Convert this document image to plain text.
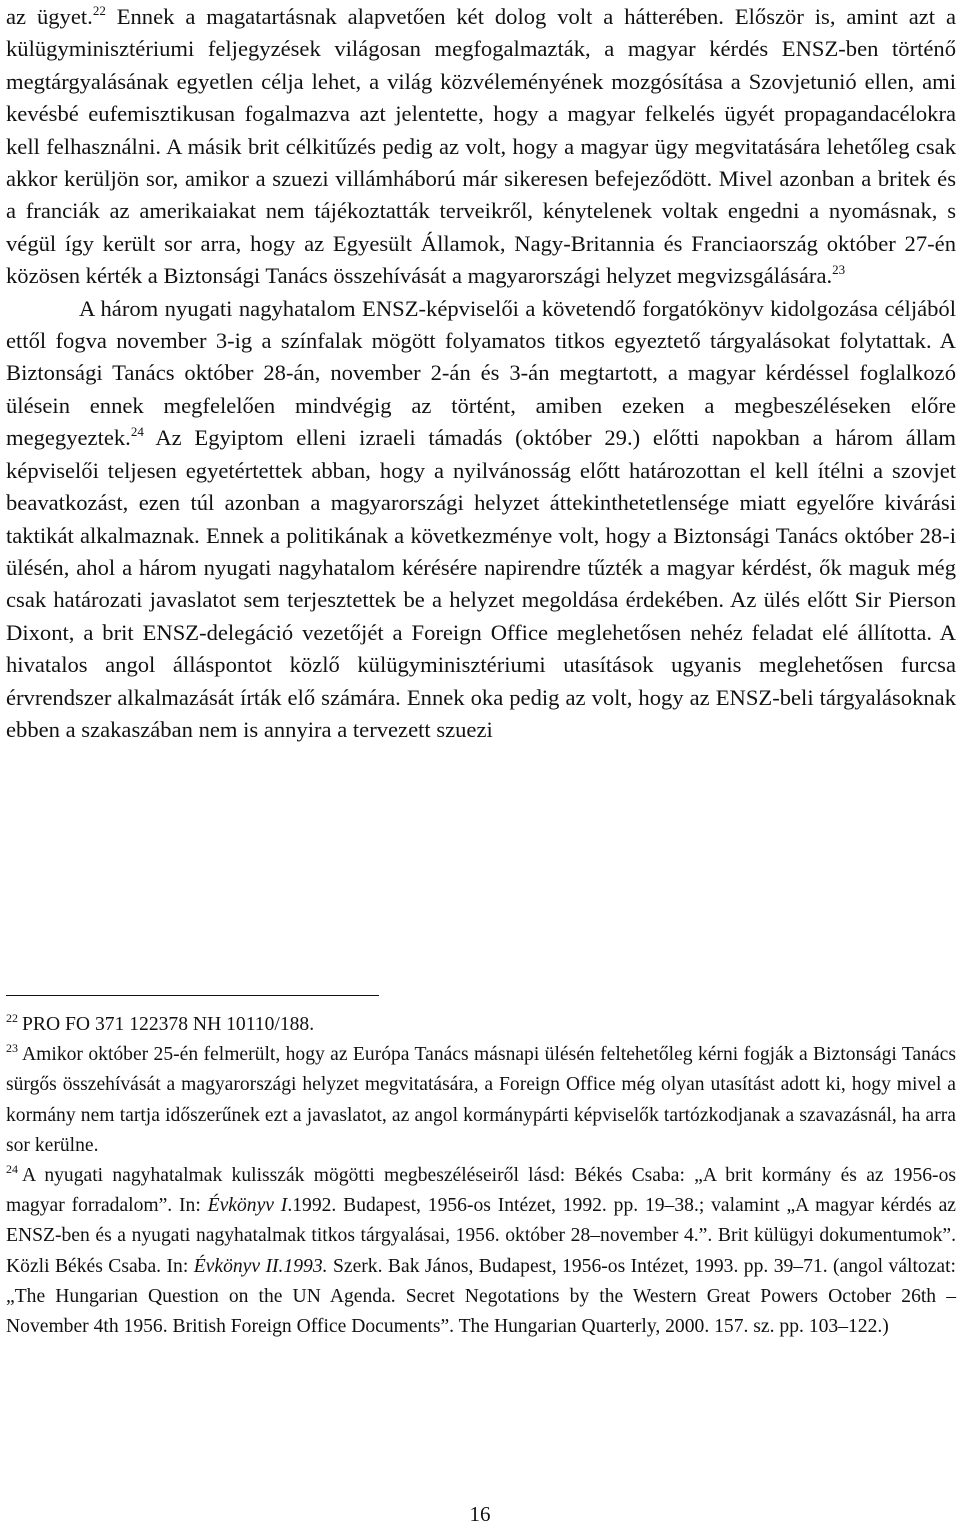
az ügyet.$^{22}$ Ennek a magatartásnak alapvetően két dolog volt a hátterében. Először is, amint azt a külügyminisztériumi feljegyzések világosan megfogalmazták, a magyar kérdés ENSZ-ben történő megtárgyalásának egyetlen célja lehet, a világ közvéleményének mozgósítása a Szovjetunió ellen, ami kevésbé eufemisztikusan fogalmazva azt jelentette, hogy a magyar felkelés ügyét propagandacélokra kell felhasználni. A másik brit célkitűzés pedig az volt, hogy a magyar ügy megvitatására lehetőleg csak akkor kerüljön sor, amikor a szuezi villámháború már sikeresen befejeződött. Mivel azonban a britek és a franciák az amerikaiakat nem tájékoztatták terveikről, kénytelenek voltak engedni a nyomásnak, s végül így került sor arra, hogy az Egyesült Államok, Nagy-Britannia és Franciaország október 27-én közösen kérték a Biztonsági Tanács összehívását a magyarországi helyzet megvizsgálására.$^{23}$

A három nyugati nagyhatalom ENSZ-képviselői a követendő forgatókönyv kidolgozása céljából ettől fogva november 3-ig a színfalak mögött folyamatos titkos egyeztető tárgyalásokat folytattak. A Biztonsági Tanács október 28-án, november 2-án és 3-án megtartott, a magyar kérdéssel foglalkozó ülésein ennek megfelelően mindvégig az történt, amiben ezeken a megbeszéléseken előre megegyeztek.$^{24}$ Az Egyiptom elleni izraeli támadás (október 29.) előtti napokban a három állam képviselői teljesen egyetértettek abban, hogy a nyilvánosság előtt határozottan el kell ítélni a szovjet beavatkozást, ezen túl azonban a magyarországi helyzet áttekinthetetlensége miatt egyelőre kivárási taktikát alkalmaznak. Ennek a politikának a következménye volt, hogy a Biztonsági Tanács október 28-i ülésén, ahol a három nyugati nagyhatalom kérésére napirendre tűzték a magyar kérdést, ők maguk még csak határozati javaslatot sem terjesztettek be a helyzet megoldása érdekében. Az ülés előtt Sir Pierson Dixont, a brit ENSZ-delegáció vezetőjét a Foreign Office meglehetősen nehéz feladat elé állította. A hivatalos angol álláspontot közlő külügyminisztériumi utasítások ugyanis meglehetősen furcsa érvrendszer alkalmazását írták elő számára. Ennek oka pedig az volt, hogy az ENSZ-beli tárgyalásoknak ebben a szakaszában nem is annyira a tervezett szuezi

$^{22}$ PRO FO 371 122378 NH 10110/188.

$^{23}$ Amikor október 25-én felmerült, hogy az Európa Tanács másnapi ülésén feltehetőleg kérni fogják a Biztonsági Tanács sürgős összehívását a magyarországi helyzet megvitatására, a Foreign Office még olyan utasítást adott ki, hogy mivel a kormány nem tartja időszerűnek ezt a javaslatot, az angol kormánypárti képviselők tartózkodjanak a szavazásnál, ha arra sor kerülne.

$^{24}$ A nyugati nagyhatalmak kulisszák mögötti megbeszéléseiről lásd: Békés Csaba: „A brit kormány és az 1956-os magyar forradalom”. In: Évkönyv I.1992. Budapest, 1956-os Intézet, 1992. pp. 19–38.; valamint „A magyar kérdés az ENSZ-ben és a nyugati nagyhatalmak titkos tárgyalásai, 1956. október 28–november 4.”. Brit külügyi dokumentumok”. Közli Békés Csaba. In: Évkönyv II.1993. Szerk. Bak János, Budapest, 1956-os Intézet, 1993. pp. 39–71. (angol változat: „The Hungarian Question on the UN Agenda. Secret Negotations by the Western Great Powers October 26th – November 4th 1956. British Foreign Office Documents”. The Hungarian Quarterly, 2000. 157. sz. pp. 103–122.)

16
